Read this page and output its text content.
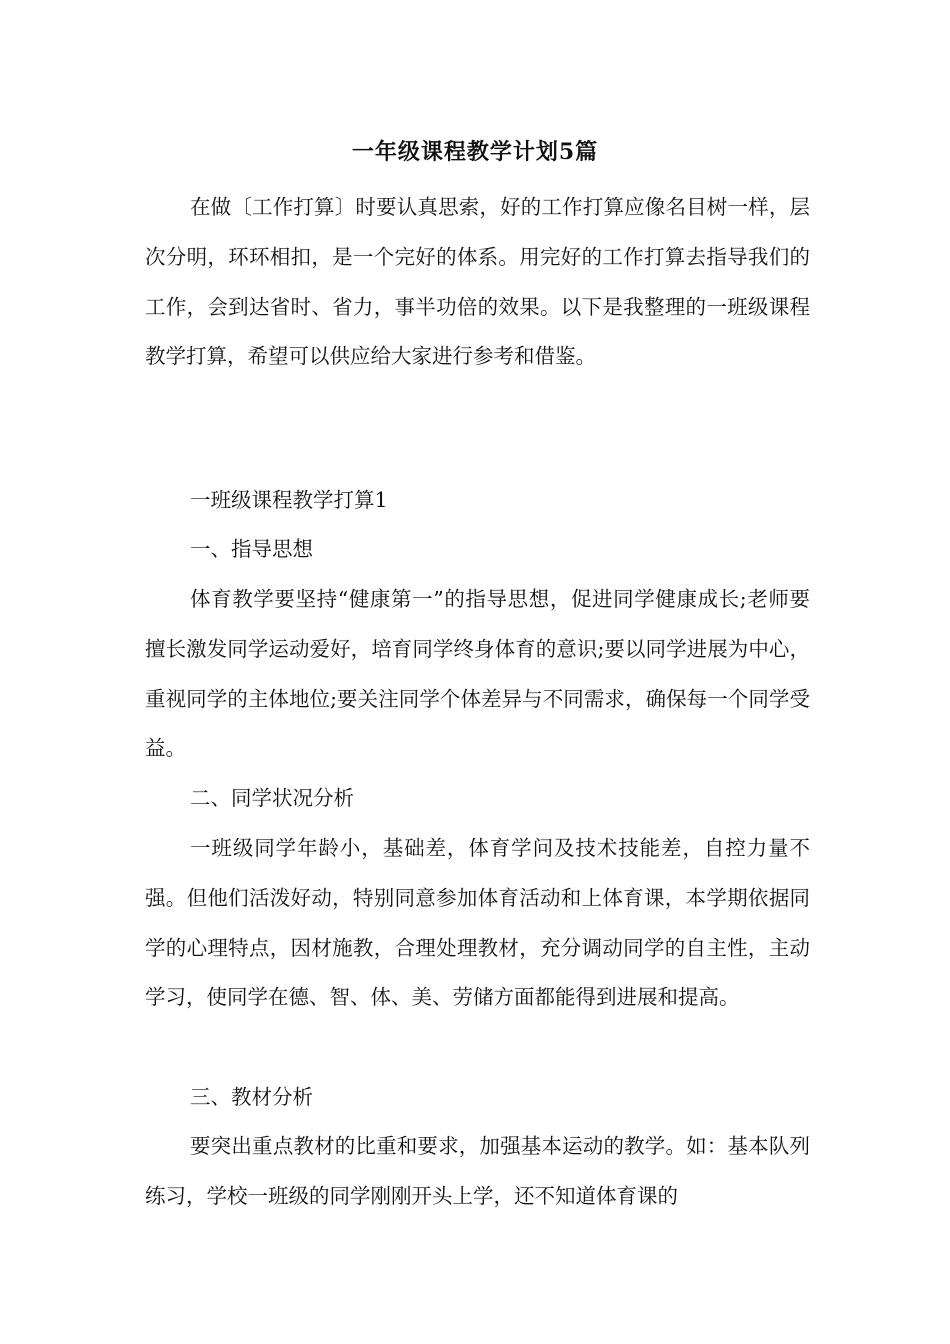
一年级课程教学计划5篇
在做〔工作打算〕时要认真思索，好的工作打算应像名目树一样，层次分明，环环相扣，是一个完好的体系。用完好的工作打算去指导我们的工作，会到达省时、省力，事半功倍的效果。以下是我整理的一班级课程教学打算，希望可以供应给大家进行参考和借鉴。
一班级课程教学打算1
一、指导思想
体育教学要坚持“健康第一”的指导思想，促进同学健康成长;老师要擅长激发同学运动爱好，培育同学终身体育的意识;要以同学进展为中心，重视同学的主体地位;要关注同学个体差异与不同需求，确保每一个同学受益。
二、同学状况分析
一班级同学年龄小，基础差，体育学问及技术技能差，自控力量不强。但他们活泼好动，特别同意参加体育活动和上体育课，本学期依据同学的心理特点，因材施教，合理处理教材，充分调动同学的自主性，主动学习，使同学在德、智、体、美、劳储方面都能得到进展和提高。
三、教材分析
要突出重点教材的比重和要求，加强基本运动的教学。如：基本队列练习，学校一班级的同学刚刚开头上学，还不知道体育课的
